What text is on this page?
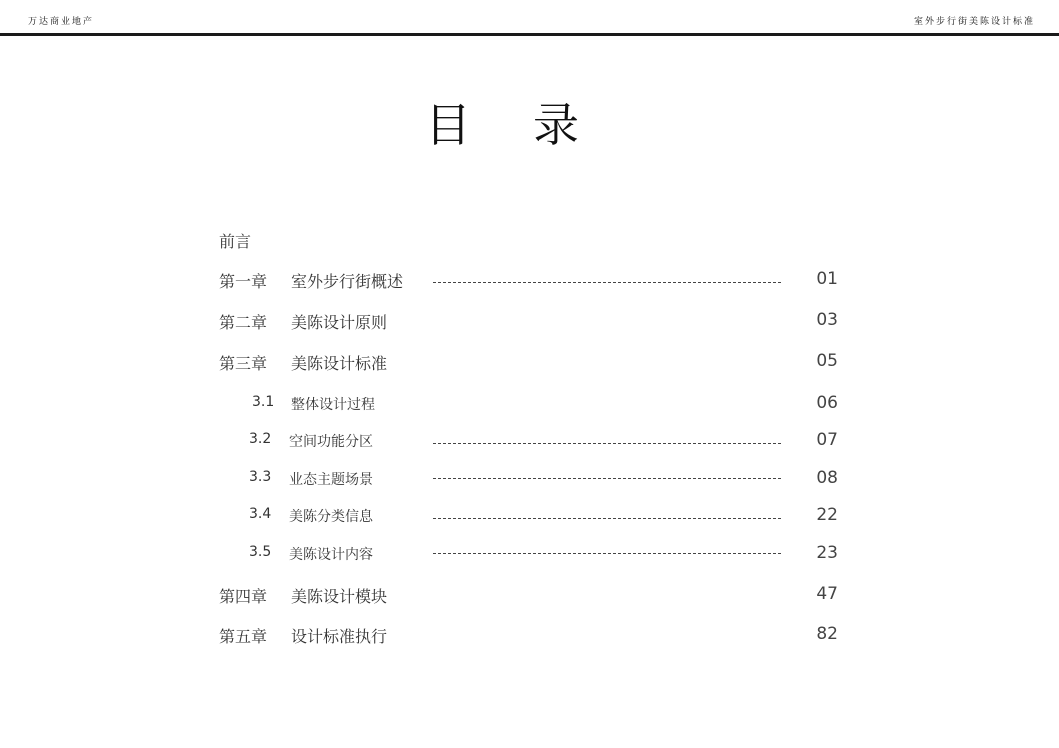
万达商业地产	室外步行街美陈设计标准
目录
前言
第一章 室外步行街概述	01
第二章 美陈设计原则	03
第三章 美陈设计标准	05
3.1 整体设计过程	06
3.2 空间功能分区	07
3.3 业态主题场景	08
3.4 美陈分类信息	22
3.5 美陈设计内容	23
第四章 美陈设计模块	47
第五章 设计标准执行	82
